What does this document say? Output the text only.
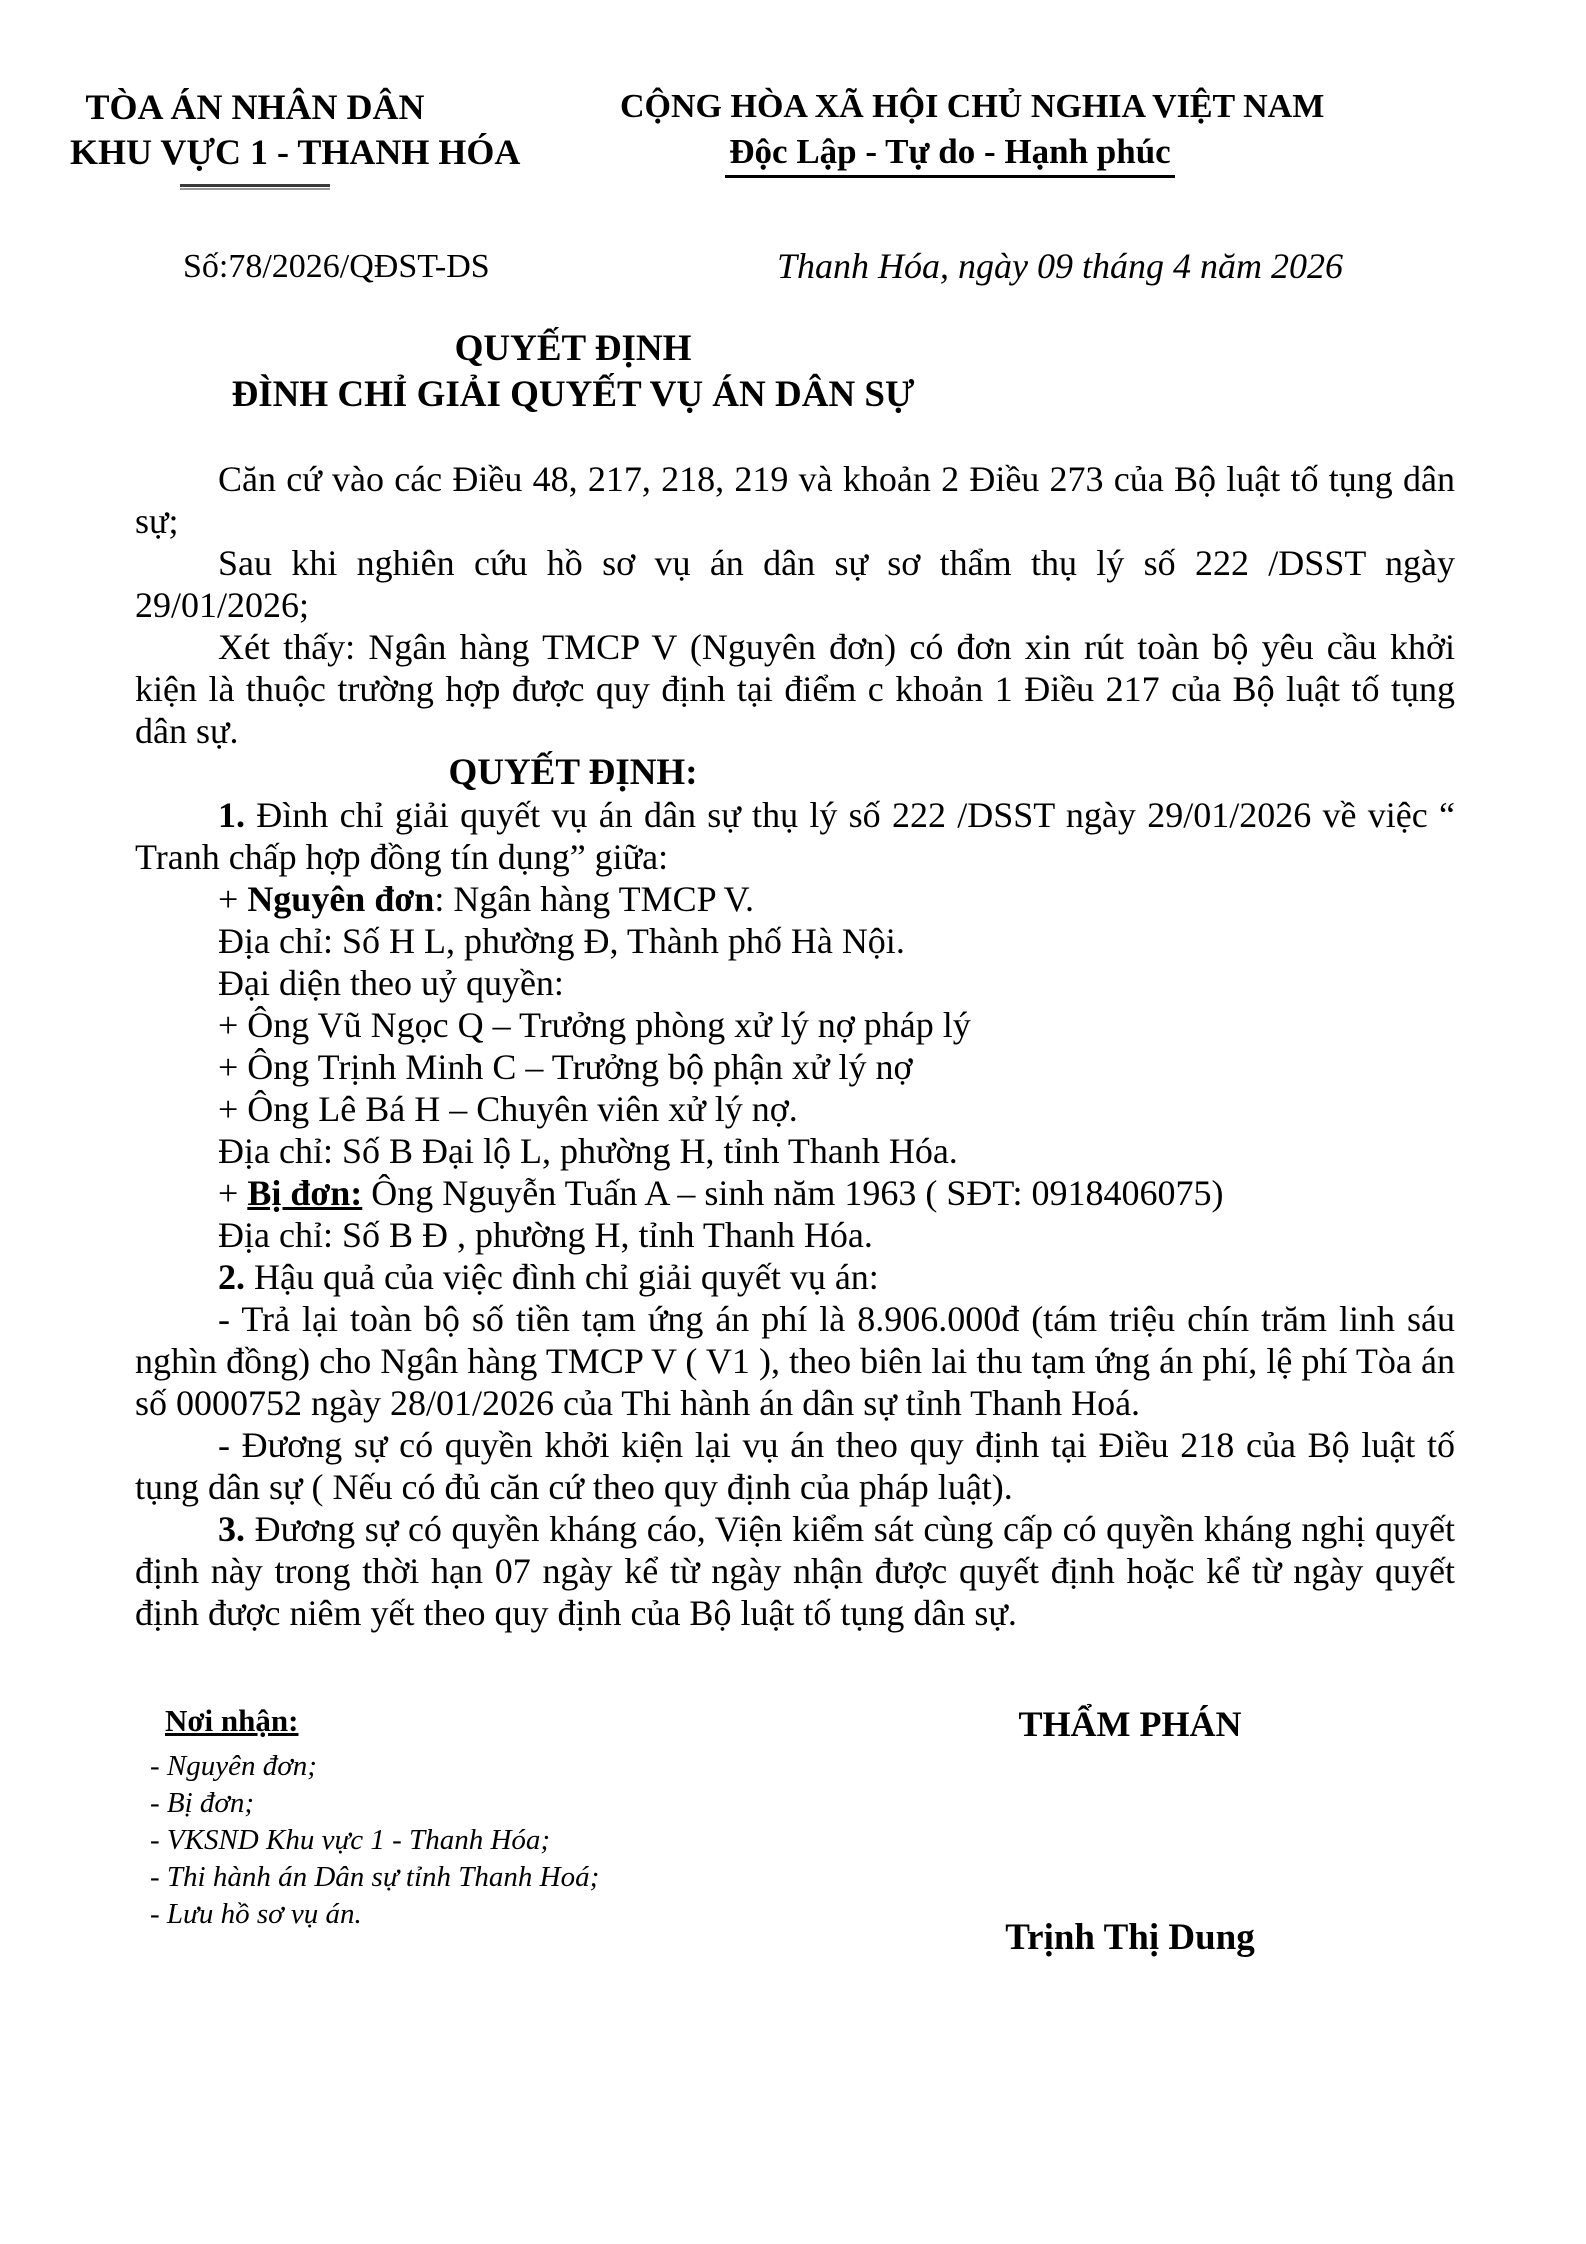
TÒA ÁN NHÂN DÂN
KHU VỰC 1 - THANH HÓA
CỘNG HÒA XÃ HỘI CHỦ NGHIA VIỆT NAM
Độc Lập - Tự do - Hạnh phúc
Số:78/2026/QĐST-DS	Thanh Hóa, ngày 09 tháng 4 năm 2026
QUYẾT ĐỊNH
ĐÌNH CHỈ GIẢI QUYẾT VỤ ÁN DÂN SỰ

Căn cứ vào các Điều 48, 217, 218, 219 và khoản 2 Điều 273 của Bộ luật tố tụng dân sự;

Sau khi nghiên cứu hồ sơ vụ án dân sự sơ thẩm thụ lý số 222 /DSST ngày 29/01/2026;

Xét thấy: Ngân hàng TMCP V (Nguyên đơn) có đơn xin rút toàn bộ yêu cầu khởi kiện là thuộc trường hợp được quy định tại điểm c khoản 1 Điều 217 của Bộ luật tố tụng dân sự.

QUYẾT ĐỊNH:

1. Đình chỉ giải quyết vụ án dân sự thụ lý số 222 /DSST ngày 29/01/2026 về việc “ Tranh chấp hợp đồng tín dụng” giữa:

+ Nguyên đơn: Ngân hàng TMCP V.

Địa chỉ: Số H L, phường Đ, Thành phố Hà Nội.

Đại diện theo uỷ quyền:

+ Ông Vũ Ngọc Q – Trưởng phòng xử lý nợ pháp lý

+ Ông Trịnh Minh C – Trưởng bộ phận xử lý nợ

+ Ông Lê Bá H – Chuyên viên xử lý nợ.

Địa chỉ: Số B Đại lộ L, phường H, tỉnh Thanh Hóa.

+ Bị đơn: Ông Nguyễn Tuấn A – sinh năm 1963 ( SĐT: 0918406075)

Địa chỉ: Số B Đ , phường H, tỉnh Thanh Hóa.

2. Hậu quả của việc đình chỉ giải quyết vụ án:

- Trả lại toàn bộ số tiền tạm ứng án phí là 8.906.000đ (tám triệu chín trăm linh sáu nghìn đồng) cho Ngân hàng TMCP V ( V1 ), theo biên lai thu tạm ứng án phí, lệ phí Tòa án số 0000752 ngày 28/01/2026 của Thi hành án dân sự tỉnh Thanh Hoá.

- Đương sự có quyền khởi kiện lại vụ án theo quy định tại Điều 218 của Bộ luật tố tụng dân sự ( Nếu có đủ căn cứ theo quy định của pháp luật).

3. Đương sự có quyền kháng cáo, Viện kiểm sát cùng cấp có quyền kháng nghị quyết định này trong thời hạn 07 ngày kể từ ngày nhận được quyết định hoặc kể từ ngày quyết định được niêm yết theo quy định của Bộ luật tố tụng dân sự.

Nơi nhận:
- Nguyên đơn;
- Bị đơn;
- VKSND Khu vực 1 - Thanh Hóa;
- Thi hành án Dân sự tỉnh Thanh Hoá;
- Lưu hồ sơ vụ án.
THẨM PHÁN
Trịnh Thị Dung
